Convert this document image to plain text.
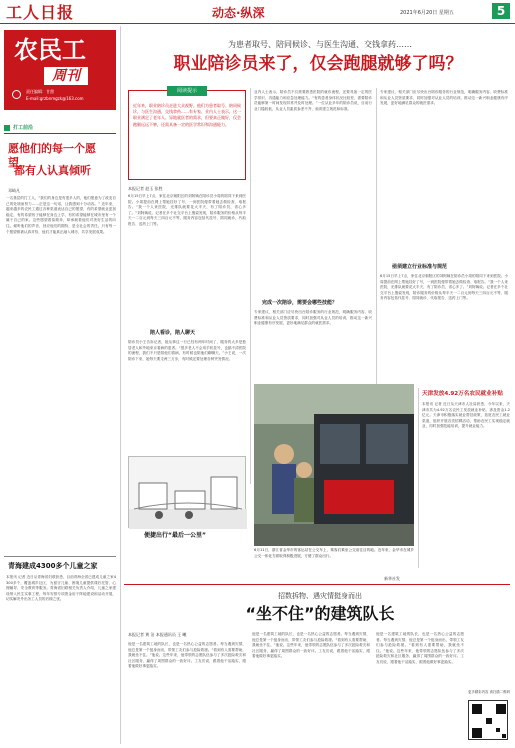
工人日报	动态·纵深	2021年6月20日 星期五	5
农民工
周刊
责任编辑：甘甜
E-mail:grzbnmgzk@163.com
打工前沿
愿他们的每一个愿望，
都有人认真倾听
邓崎凡
一名基层的打工人，“我们的身边是有很多人的，他们愿意为了改变自己的处境而努力……正是这一句话，让我感到十分动容。” 近年来，越来越多的农民工通过各种渠道表达自己的愿望，有的希望就业更加稳定，有的希望孩子能够在身边上学，有的希望能够在城市里有一个属于自己的家。这些愿望看似简单，却承载着他们对美好生活的向往。倾听他们的声音，回应他们的期待，是全社会的责任。只有每一个愿望都被认真对待，他们才能真正融入城市，共享发展成果。
青海建成4300多个儿童之家
本报讯 记者 近日从青海省妇联获悉，目前青海全省已建成儿童之家4300多个，覆盖城乡社区，为留守儿童、困境儿童提供课后托管、心理辅导、安全教育等服务。青海省妇联相关负责人介绍，儿童之家建设纳入民生实事工程，每年安排专项资金用于阵地建设和活动开展，切实解决外出务工人员的后顾之忧。
为患者取号、陪同候诊、与医生沟通、交钱拿药……
职业陪诊员来了，仅会跑腿就够了吗？
阅读提示
近年来，职业陪诊员走进大众视野。他们为患者取号、陪同候诊，与医生沟通，交钱拿药……有专家、业内人士表示，这一职业满足了老年人、异地就医者的需求，但要真正做好，仅会跑腿远远不够，还需具备一定的医学常识和沟通能力。
本报记者 赵玉 张胜
6月15日早上7点，家住北京朝阳区的刘阿姨在陪诊员小周的陪同下来到医院。小周提前在网上帮她挂好了号，一到医院便带着她去做检查、取报告。“我一个人来医院，光排队就要花大半天，有了陪诊员，省心多了。”刘阿姨说。记者在多个社交平台上搜索发现，陪诊服务的价格从每半天一二百元到每天三四百元不等，服务内容包括代挂号、陪同就诊、代取报告、送药上门等。
陪人看诊，陪人聊天
陪诊员小王告诉记者，她从事这一行已经有两年时间了，服务的大多是独居老人和外地来京看病的患者。“很多老人不会用手机挂号，也搞不清医院的流程，我们不只是陪他们看病，有时候也陪他们聊聊天。”小王说，一次陪诊下来，她每天要走两三万步，有时候还要处理各种突发情况。
便捷出行“最后一公里”
业内人士表示，陪诊员不仅需要熟悉医院的就诊流程，还要具备一定的医学常识、沟通能力和应急处理能力。“有的患者身体状况比较差，需要陪诊员能够第一时间发现异常并及时处理。”一位从业多年的陪诊员说，目前行业门槛较低，从业人员素质参差不齐，亟须建立规范和标准。
完成一次陪诊，需要会哪些技能？
专家建议，相关部门应尽快出台陪诊服务的行业规范，明确服务内容、收费标准和从业人员资质要求，同时加强对从业人员的培训，推动这一新兴职业健康有序发展，更好地满足群众的就医需求。
专家建议，相关部门应尽快出台陪诊服务的行业规范，明确服务内容、收费标准和从业人员资质要求，同时加强对从业人员的培训，推动这一新兴职业健康有序发展，更好地满足群众的就医需求。
亟须建立行业标准与规范
6月15日早上7点，家住北京朝阳区的刘阿姨在陪诊员小周的陪同下来到医院。小周提前在网上帮她挂好了号，一到医院便带着她去做检查、取报告。“我一个人来医院，光排队就要花大半天，有了陪诊员，省心多了。”刘阿姨说。记者在多个社交平台上搜索发现，陪诊服务的价格从每半天一二百元到每天三四百元不等，服务内容包括代挂号、陪同就诊、代取报告、送药上门等。
6月11日，浙江省金华市的客运站在公交车上，乘客们乘坐公交前往目的地。近年来，金华市在城乡公交一体化方面取得积极进展，方便了群众出行。
新华社发
天津发放4.92万名农民就业补贴
本报讯 记者 近日从天津市人社局获悉，今年以来，天津市共为4.92万名农民工发放就业补贴，涉及资金1.2亿元。天津市积极落实就业帮扶政策，拓宽农民工就业渠道，组织开展各类招聘活动，帮助农民工实现稳定就业，同时加强技能培训，提升就业能力。
招数拆物、遇灾情挺身而出
“坐不住”的建筑队长
本报记者 黄 洁 本报通讯员 王 曦
他是一名建筑工地的队长，也是一名热心公益的志愿者。每当遇到灾情，他总是第一个挺身而出，带领工友们参与抢险救援。“看到有人需要帮助，我就坐不住。”他说。这些年来，他带领的志愿队伍参与了多次抢险救灾和社区服务，赢得了周围群众的一致好评。工友们说，跟着他干活踏实，跟着他做好事更踏实。
他是一名建筑工地的队长，也是一名热心公益的志愿者。每当遇到灾情，他总是第一个挺身而出，带领工友们参与抢险救援。“看到有人需要帮助，我就坐不住。”他说。这些年来，他带领的志愿队伍参与了多次抢险救灾和社区服务，赢得了周围群众的一致好评。工友们说，跟着他干活踏实，跟着他做好事更踏实。
他是一名建筑工地的队长，也是一名热心公益的志愿者。每当遇到灾情，他总是第一个挺身而出，带领工友们参与抢险救援。“看到有人需要帮助，我就坐不住。”他说。这些年来，他带领的志愿队伍参与了多次抢险救灾和社区服务，赢得了周围群众的一致好评。工友们说，跟着他干活踏实，跟着他做好事更踏实。
更多精彩内容 请扫描二维码
